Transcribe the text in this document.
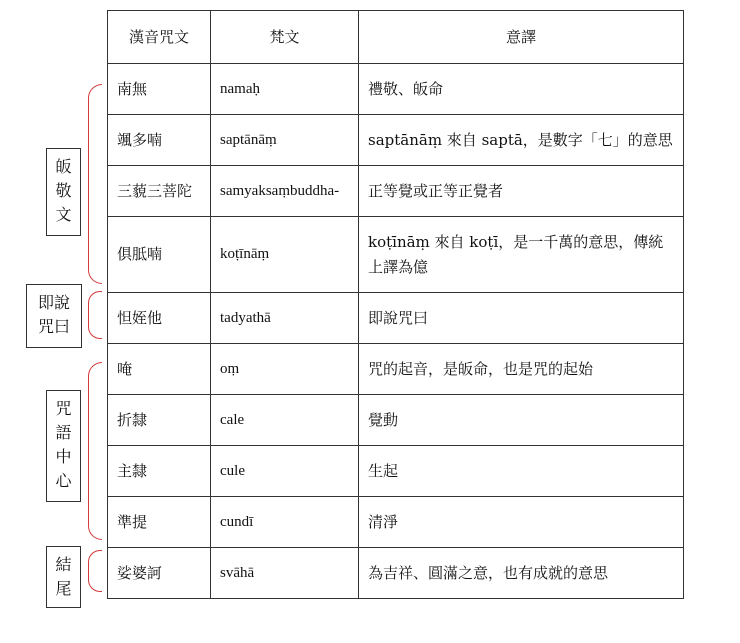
皈
敬
文
即說
咒曰
咒
語
中
心
結
尾
漢音咒文	梵文	意譯
南無	namaḥ	禮敬、皈命
颯多喃	saptānāṃ	saptānāṃ 來自 saptā，是數字「七」的意思
三藐三菩陀	samyaksaṃbuddha-	正等覺或正等正覺者
俱胝喃	koṭīnāṃ	koṭīnāṃ 來自 koṭī，是一千萬的意思，傳統上譯為億
怛姪他	tadyathā	即說咒曰
唵	oṃ	咒的起音，是皈命，也是咒的起始
折隸	cale	覺動
主隸	cule	生起
準提	cundī	清淨
娑婆訶	svāhā	為吉祥、圓滿之意，也有成就的意思
